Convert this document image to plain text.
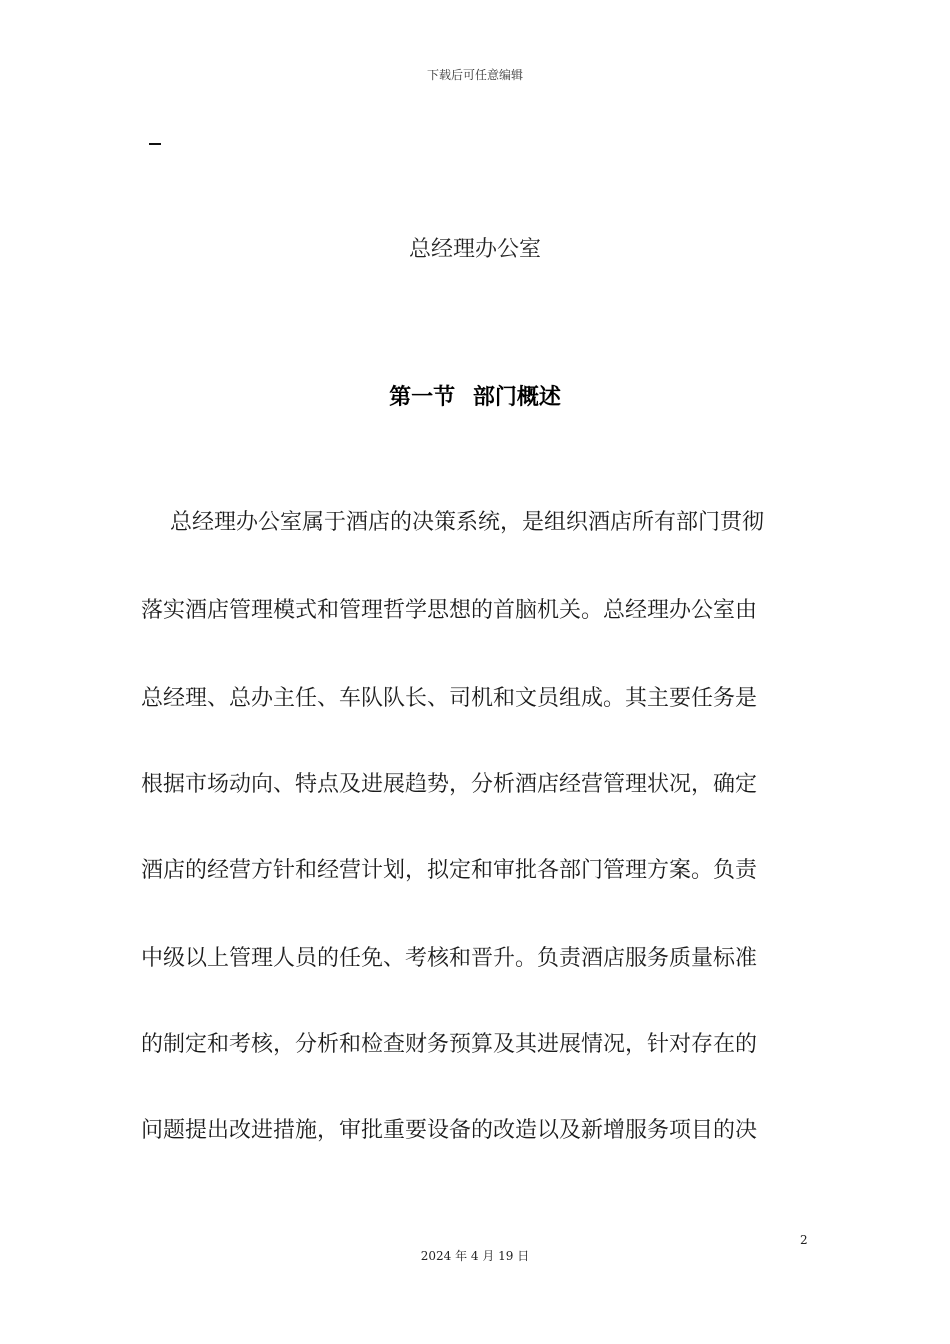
下载后可任意编辑
总经理办公室
第一节 部门概述
总经理办公室属于酒店的决策系统，是组织酒店所有部门贯彻
落实酒店管理模式和管理哲学思想的首脑机关。总经理办公室由
总经理、总办主任、车队队长、司机和文员组成。其主要任务是
根据市场动向、特点及进展趋势，分析酒店经营管理状况，确定
酒店的经营方针和经营计划，拟定和审批各部门管理方案。负责
中级以上管理人员的任免、考核和晋升。负责酒店服务质量标准
的制定和考核，分析和检查财务预算及其进展情况，针对存在的
问题提出改进措施，审批重要设备的改造以及新增服务项目的决
2
2024 年 4 月 19 日
